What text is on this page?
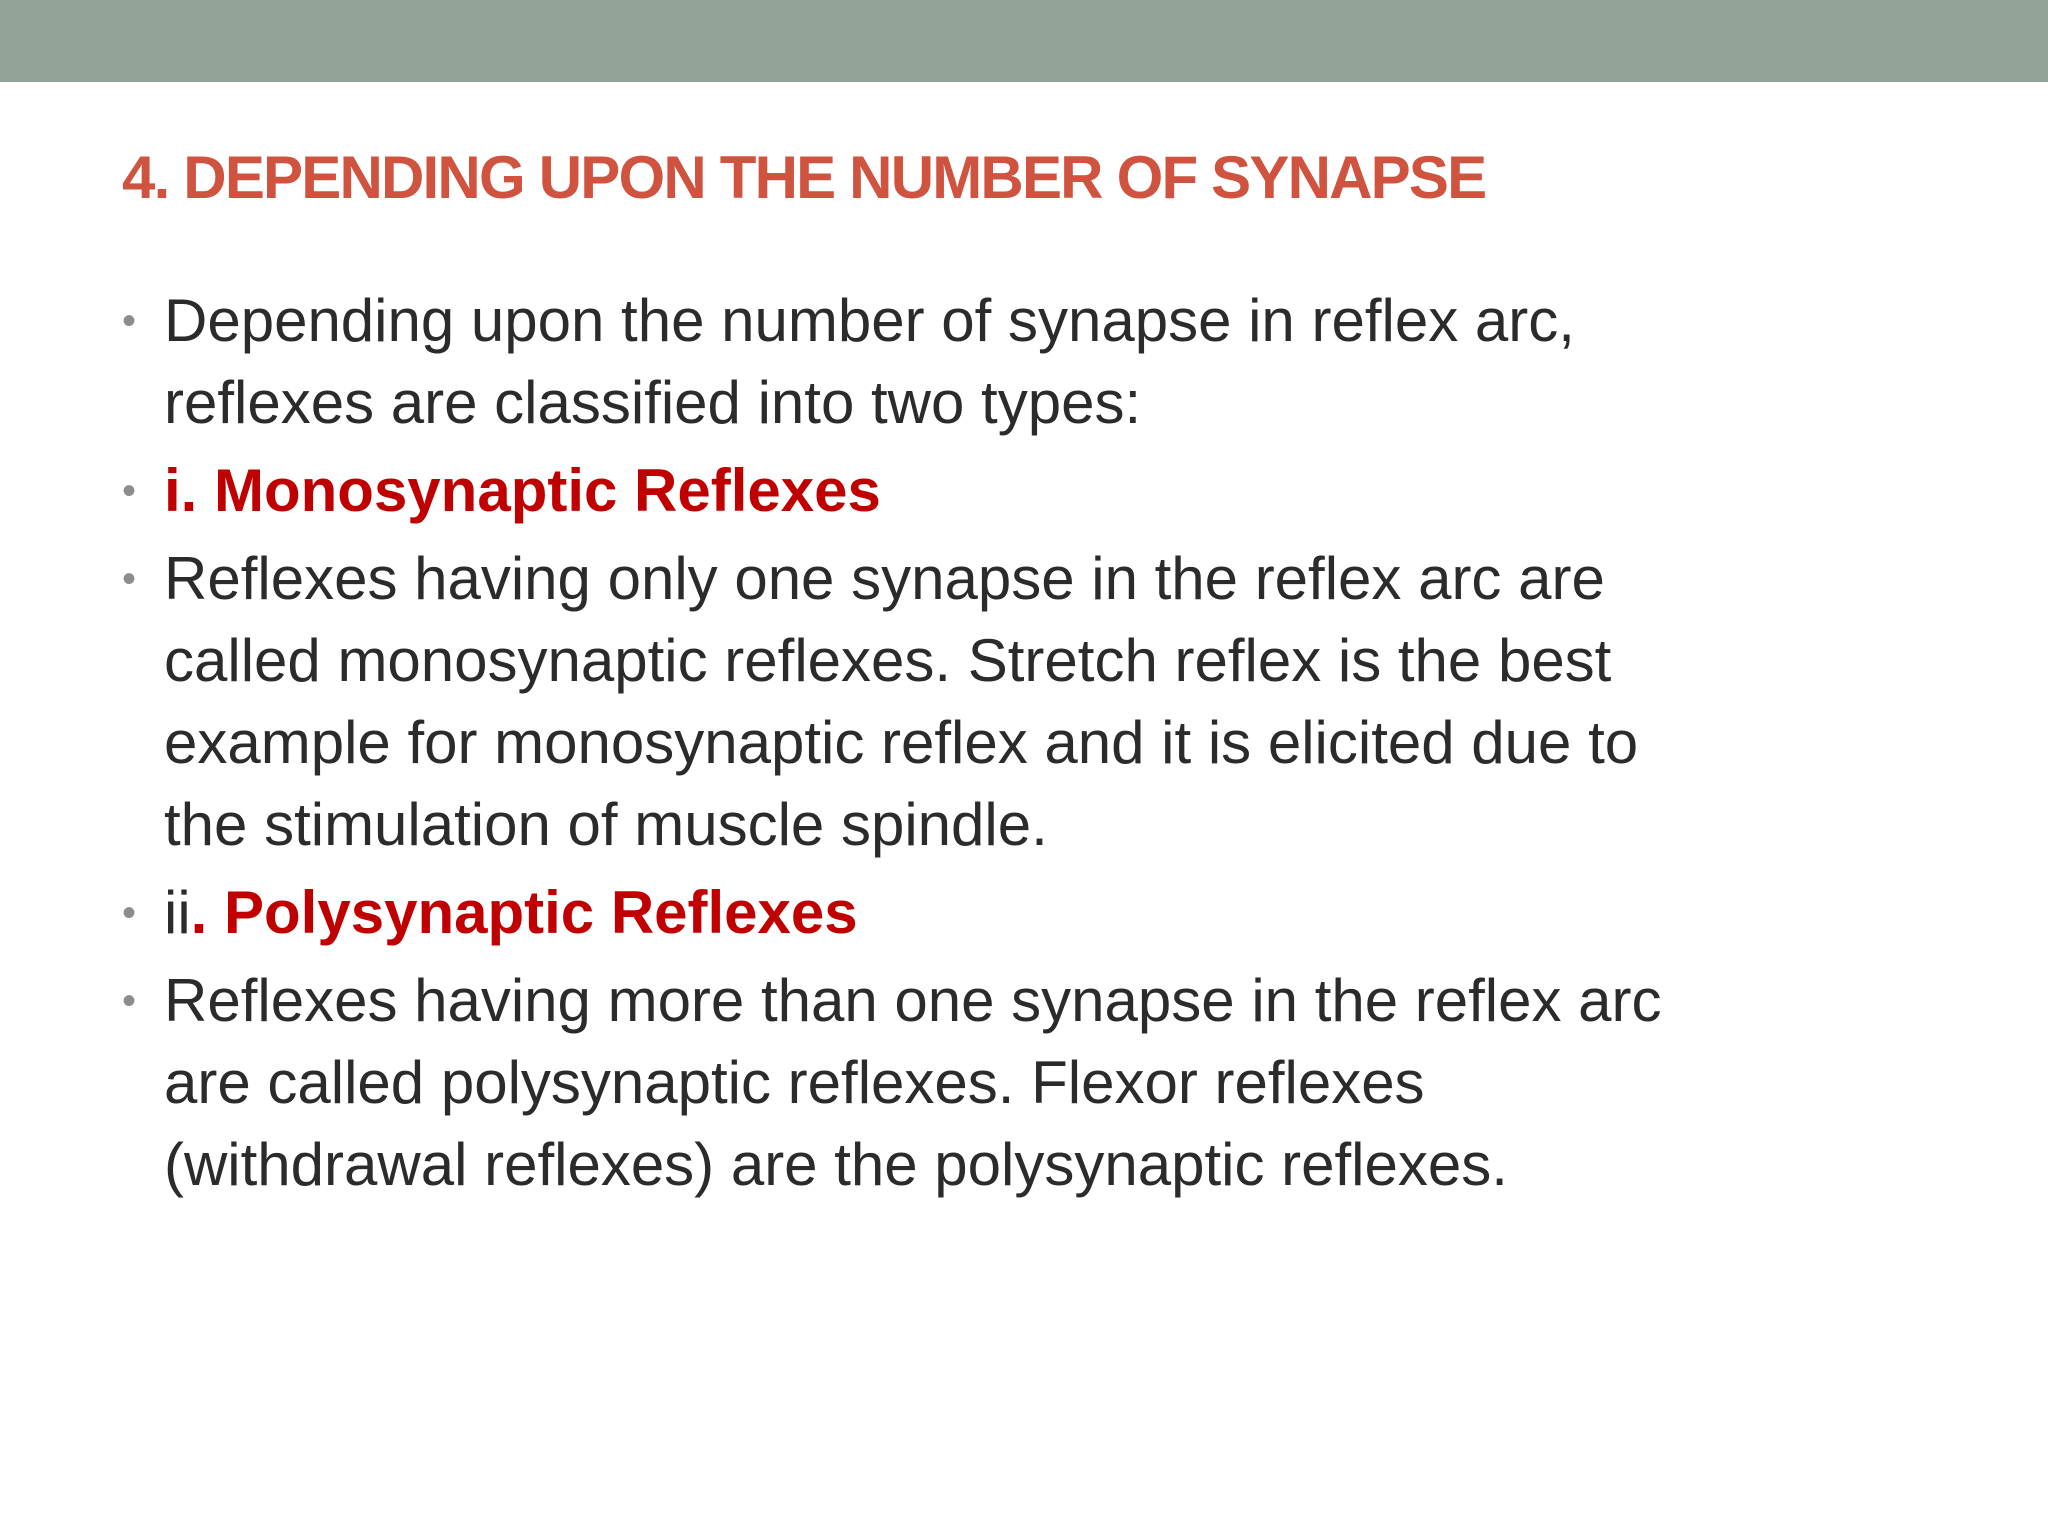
4. DEPENDING UPON THE NUMBER OF SYNAPSE
• Depending upon the number of synapse in reflex arc,
reflexes are classified into two types:
• i. Monosynaptic Reflexes
• Reflexes having only one synapse in the reflex arc are
called monosynaptic reflexes. Stretch reflex is the best
example for monosynaptic reflex and it is elicited due to
the stimulation of muscle spindle.
• ii. Polysynaptic Reflexes
• Reflexes having more than one synapse in the reflex arc
are called polysynaptic reflexes. Flexor reflexes
(withdrawal reflexes) are the polysynaptic reflexes.
